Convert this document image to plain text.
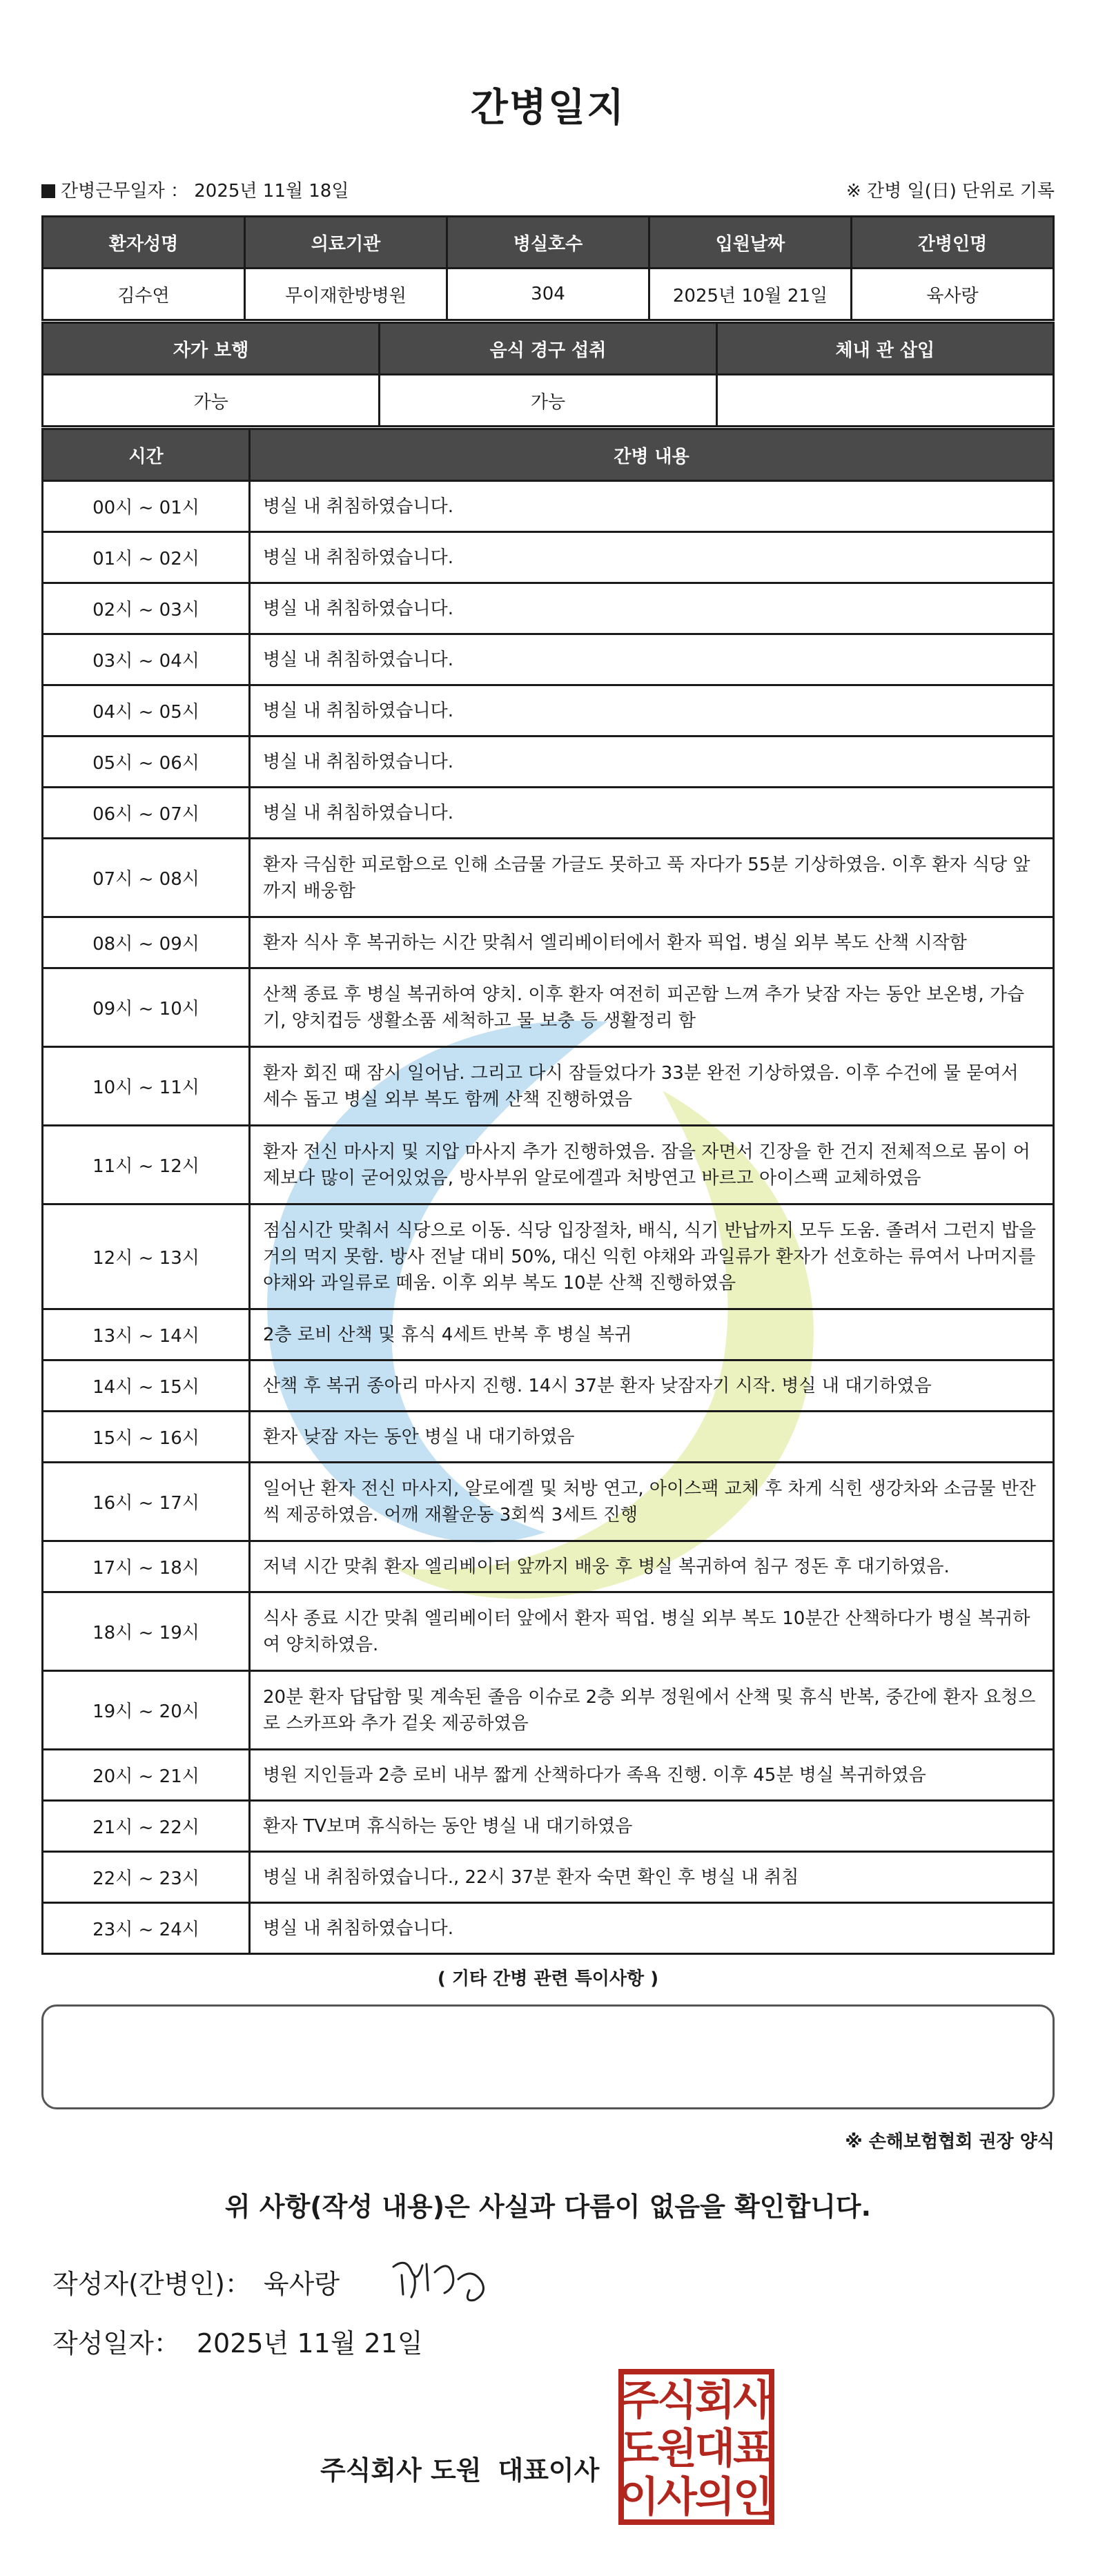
간병일지
간병근무일자 ： 2025년 11월 18일	※ 간병 일(日) 단위로 기록
환자성명	의료기관	병실호수	입원날짜	간병인명
김수연	무이재한방병원	304	2025년 10월 21일	육사랑
자가 보행	음식 경구 섭취	체내 관 삽입
가능	가능	
시간	간병 내용
00시 ~ 01시	병실 내 취침하였습니다.
01시 ~ 02시	병실 내 취침하였습니다.
02시 ~ 03시	병실 내 취침하였습니다.
03시 ~ 04시	병실 내 취침하였습니다.
04시 ~ 05시	병실 내 취침하였습니다.
05시 ~ 06시	병실 내 취침하였습니다.
06시 ~ 07시	병실 내 취침하였습니다.
07시 ~ 08시	환자 극심한 피로함으로 인해 소금물 가글도 못하고 푹 자다가 55분 기상하였음. 이후 환자 식당 앞까지 배웅함
08시 ~ 09시	환자 식사 후 복귀하는 시간 맞춰서 엘리베이터에서 환자 픽업. 병실 외부 복도 산책 시작함
09시 ~ 10시	산책 종료 후 병실 복귀하여 양치. 이후 환자 여전히 피곤함 느껴 추가 낮잠 자는 동안 보온병, 가습기, 양치컵등 생활소품 세척하고 물 보충 등 생활정리 함
10시 ~ 11시	환자 회진 때 잠시 일어남. 그리고 다시 잠들었다가 33분 완전 기상하였음. 이후 수건에 물 묻여서 세수 돕고 병실 외부 복도 함께 산책 진행하였음
11시 ~ 12시	환자 전신 마사지 및 지압 마사지 추가 진행하였음. 잠을 자면서 긴장을 한 건지 전체적으로 몸이 어제보다 많이 굳어있었음, 방사부위 알로에겔과 처방연고 바르고 아이스팩 교체하였음
12시 ~ 13시	점심시간 맞춰서 식당으로 이동. 식당 입장절차, 배식, 식기 반납까지 모두 도움. 졸려서 그런지 밥을 거의 먹지 못함. 방사 전날 대비 50%, 대신 익힌 야채와 과일류가 환자가 선호하는 류여서 나머지를 야채와 과일류로 떼움. 이후 외부 복도 10분 산책 진행하였음
13시 ~ 14시	2층 로비 산책 및 휴식 4세트 반복 후 병실 복귀
14시 ~ 15시	산책 후 복귀 종아리 마사지 진행. 14시 37분 환자 낮잠자기 시작. 병실 내 대기하였음
15시 ~ 16시	환자 낮잠 자는 동안 병실 내 대기하였음
16시 ~ 17시	일어난 환자 전신 마사지, 알로에겔 및 처방 연고, 아이스팩 교체 후 차게 식힌 생강차와 소금물 반잔씩 제공하였음. 어깨 재활운동 3회씩 3세트 진행
17시 ~ 18시	저녁 시간 맞춰 환자 엘리베이터 앞까지 배웅 후 병실 복귀하여 침구 정돈 후 대기하였음.
18시 ~ 19시	식사 종료 시간 맞춰 엘리베이터 앞에서 환자 픽업. 병실 외부 복도 10분간 산책하다가 병실 복귀하여 양치하였음.
19시 ~ 20시	20분 환자 답답함 및 계속된 졸음 이슈로 2층 외부 정원에서 산책 및 휴식 반복, 중간에 환자 요청으로 스카프와 추가 겉옷 제공하였음
20시 ~ 21시	병원 지인들과 2층 로비 내부 짧게 산책하다가 족욕 진행. 이후 45분 병실 복귀하였음
21시 ~ 22시	환자 TV보며 휴식하는 동안 병실 내 대기하였음
22시 ~ 23시	병실 내 취침하였습니다., 22시 37분 환자 숙면 확인 후 병실 내 취침
23시 ~ 24시	병실 내 취침하였습니다.
( 기타 간병 관련 특이사항 )
※ 손해보험협회 권장 양식
위 사항(작성 내용)은 사실과 다름이 없음을 확인합니다.
작성자(간병인)： 육사랑
작성일자： 2025년 11월 21일
주식회사 도원 대표이사
주
식
회
사
도
원
대
표
이
사
의
인
